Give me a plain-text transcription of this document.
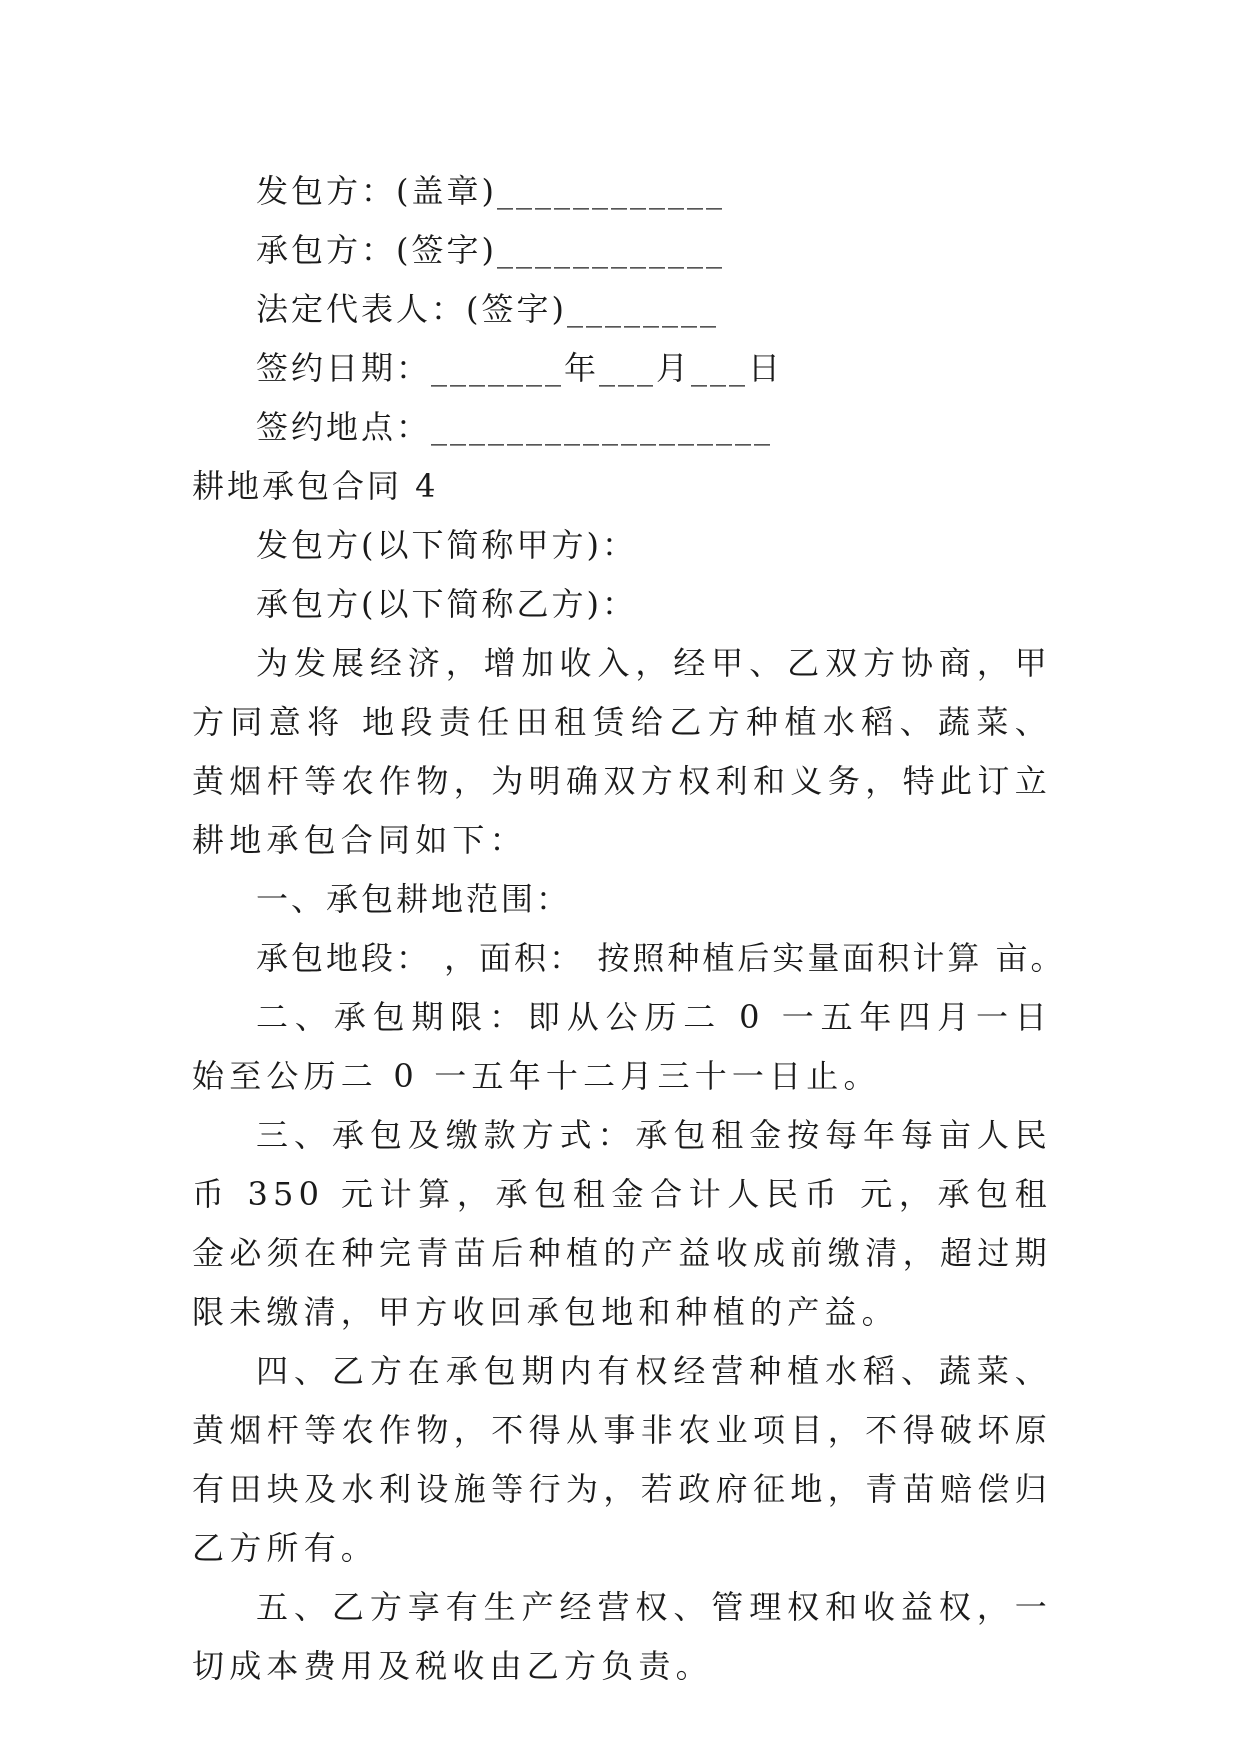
发包方：(盖章)____________
承包方：(签字)____________
法定代表人：(签字)________
签约日期：_______年___月___日
签约地点：__________________
耕地承包合同 4
发包方(以下简称甲方)：
承包方(以下简称乙方)：

为发展经济，增加收入，经甲、乙双方协商，甲方同意将 地段责任田租赁给乙方种植水稻、蔬菜、黄烟杆等农作物，为明确双方权利和义务，特此订立耕地承包合同如下：

一、承包耕地范围：
承包地段： ，面积： 按照种植后实量面积计算 亩。

二、承包期限：即从公历二 0 一五年四月一日始至公历二 0 一五年十二月三十一日止。

三、承包及缴款方式：承包租金按每年每亩人民币 350 元计算，承包租金合计人民币 元，承包租金必须在种完青苗后种植的产益收成前缴清，超过期限未缴清，甲方收回承包地和种植的产益。

四、乙方在承包期内有权经营种植水稻、蔬菜、黄烟杆等农作物，不得从事非农业项目，不得破坏原有田块及水利设施等行为，若政府征地，青苗赔偿归乙方所有。

五、乙方享有生产经营权、管理权和收益权，一切成本费用及税收由乙方负责。
